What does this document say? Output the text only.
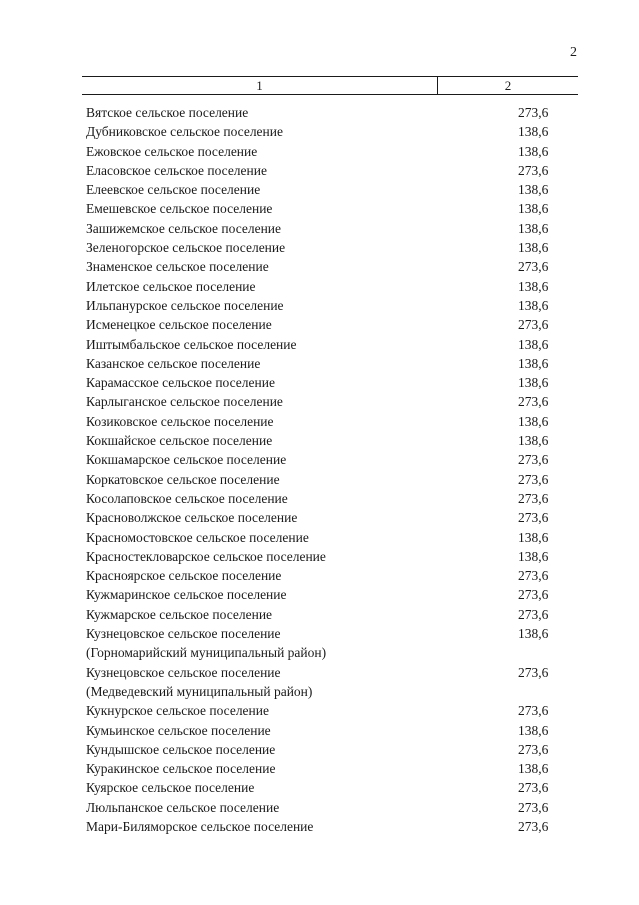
2
1	2
Вятское сельское поселение	273,6
Дубниковское сельское поселение	138,6
Ежовское сельское поселение	138,6
Еласовское сельское поселение	273,6
Елеевское сельское поселение	138,6
Емешевское сельское поселение	138,6
Зашижемское сельское поселение	138,6
Зеленогорское сельское поселение	138,6
Знаменское сельское поселение	273,6
Илетское сельское поселение	138,6
Ильпанурское сельское поселение	138,6
Исменецкое сельское поселение	273,6
Иштымбальское сельское поселение	138,6
Казанское сельское поселение	138,6
Карамасское сельское поселение	138,6
Карлыганское сельское поселение	273,6
Козиковское сельское поселение	138,6
Кокшайское сельское поселение	138,6
Кокшамарское сельское поселение	273,6
Коркатовское сельское поселение	273,6
Косолаповское сельское поселение	273,6
Красноволжское сельское поселение	273,6
Красномостовское сельское поселение	138,6
Красностекловарское сельское поселение	138,6
Красноярское сельское поселение	273,6
Кужмаринское сельское поселение	273,6
Кужмарское сельское поселение	273,6
Кузнецовское сельское поселение
(Горномарийский муниципальный район)
138,6
Кузнецовское сельское поселение
(Медведевский муниципальный район)
273,6
Кукнурское сельское поселение	273,6
Кумьинское сельское поселение	138,6
Кундышское сельское поселение	273,6
Куракинское сельское поселение	138,6
Куярское сельское поселение	273,6
Люльпанское сельское поселение	273,6
Мари-Биляморское сельское поселение	273,6
